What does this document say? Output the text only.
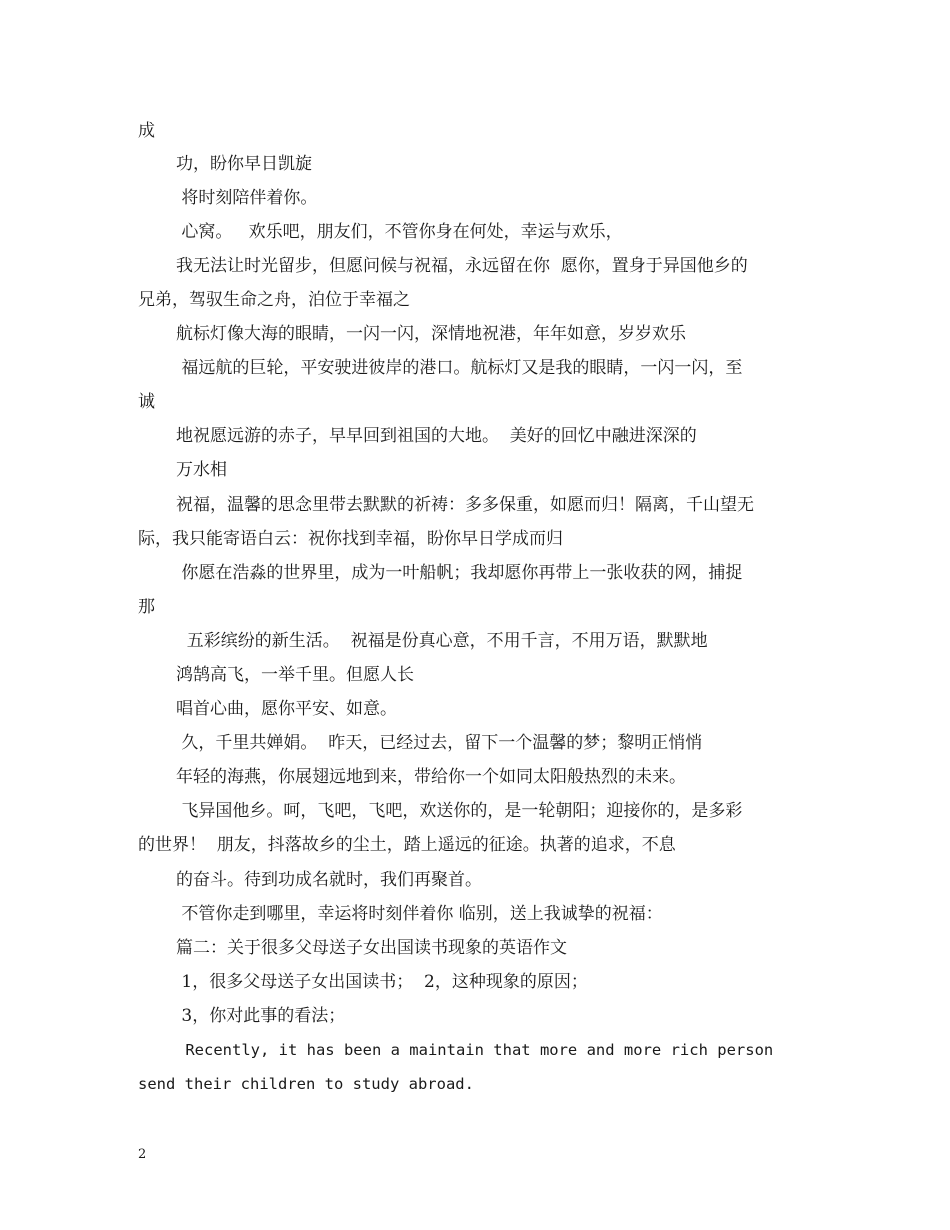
成
功，盼你早日凯旋
将时刻陪伴着你。
心窝。   欢乐吧，朋友们，不管你身在何处，幸运与欢乐，
我无法让时光留步，但愿问候与祝福，永远留在你  愿你，置身于异国他乡的
兄弟，驾驭生命之舟，泊位于幸福之
航标灯像大海的眼睛，一闪一闪，深情地祝港，年年如意，岁岁欢乐
福远航的巨轮，平安驶进彼岸的港口。航标灯又是我的眼睛，一闪一闪，至
诚
地祝愿远游的赤子，早早回到祖国的大地。  美好的回忆中融进深深的
万水相
祝福，温馨的思念里带去默默的祈祷：多多保重，如愿而归！隔离，千山望无
际，我只能寄语白云：祝你找到幸福，盼你早日学成而归
你愿在浩淼的世界里，成为一叶船帆；我却愿你再带上一张收获的网，捕捉
那
五彩缤纷的新生活。  祝福是份真心意，不用千言，不用万语，默默地
鸿鹄高飞，一举千里。但愿人长
唱首心曲，愿你平安、如意。
久，千里共婵娟。  昨天，已经过去，留下一个温馨的梦；黎明正悄悄
年轻的海燕，你展翅远地到来，带给你一个如同太阳般热烈的未来。
飞异国他乡。呵，飞吧，飞吧，欢送你的，是一轮朝阳；迎接你的，是多彩
的世界！  朋友，抖落故乡的尘土，踏上遥远的征途。执著的追求，不息
的奋斗。待到功成名就时，我们再聚首。
不管你走到哪里，幸运将时刻伴着你 临别，送上我诚挚的祝福：
篇二：关于很多父母送子女出国读书现象的英语作文
1，很多父母送子女出国读书；  2，这种现象的原因；
3，你对此事的看法；
Recently, it has been a maintain that more and more rich person
send their children to study abroad.
2
